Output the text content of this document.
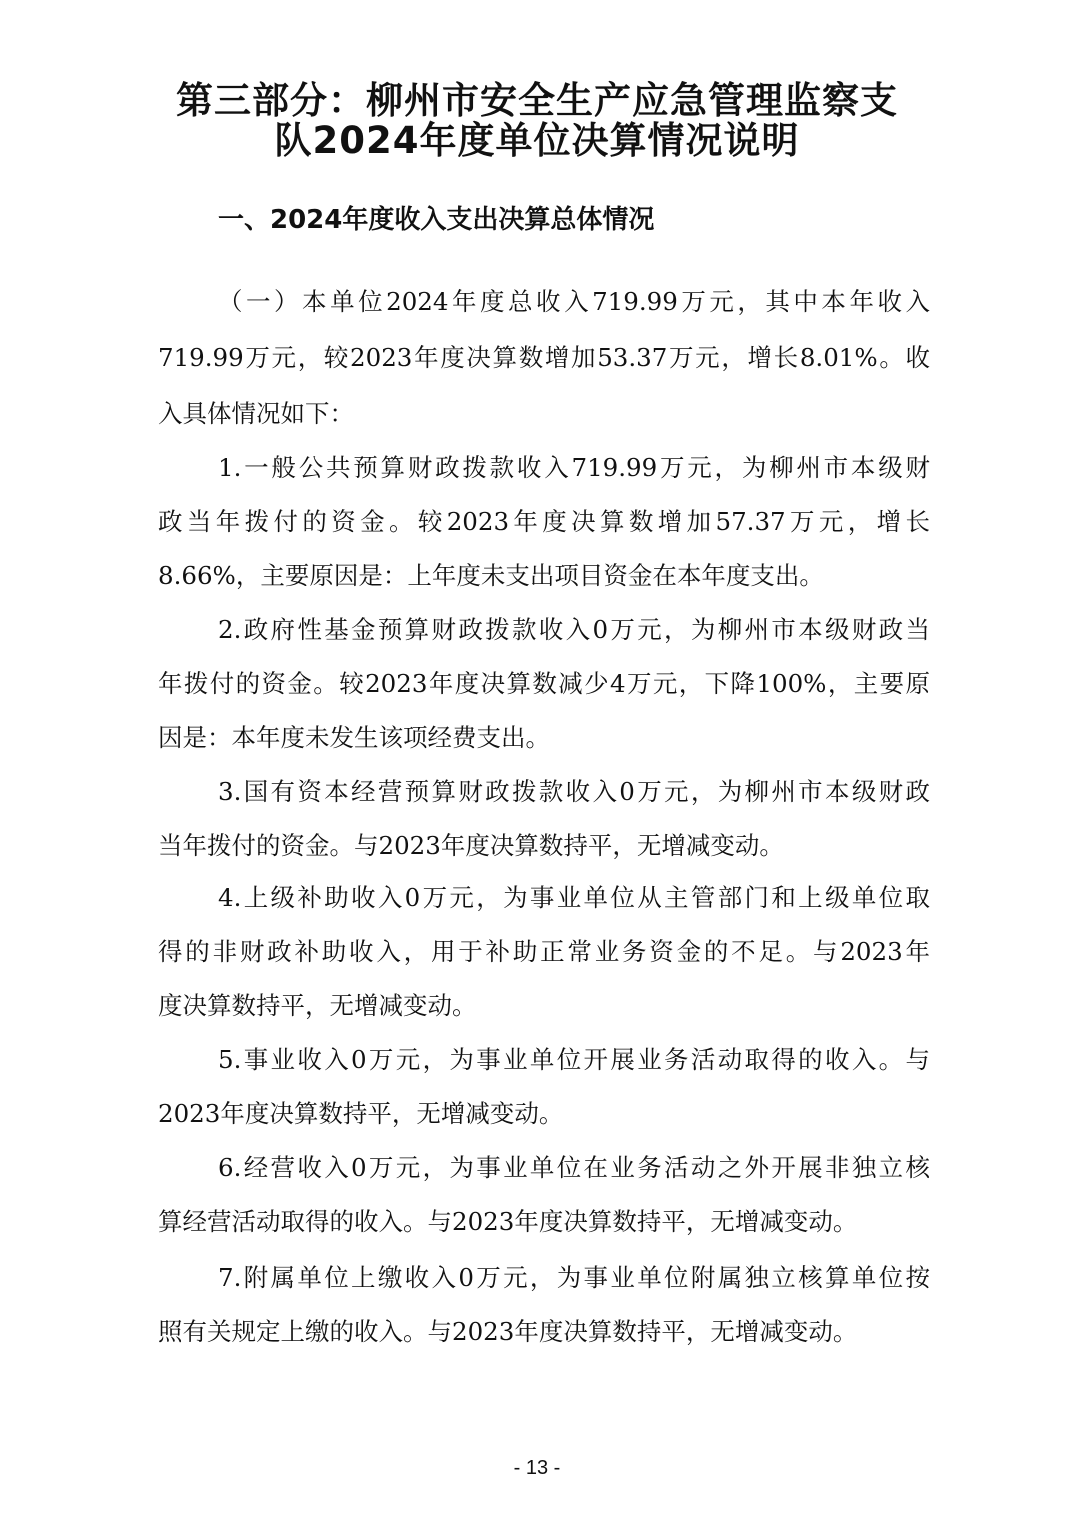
第三部分：柳州市安全生产应急管理监察支
队2024年度单位决算情况说明
一、2024年度收入支出决算总体情况
（一）本单位2024年度总收入719.99万元，其中本年收入
719.99万元，较2023年度决算数增加53.37万元，增长8.01%。收
入具体情况如下：
1.一般公共预算财政拨款收入719.99万元，为柳州市本级财
政当年拨付的资金。较2023年度决算数增加57.37万元，增长
8.66%，主要原因是：上年度未支出项目资金在本年度支出。
2.政府性基金预算财政拨款收入0万元，为柳州市本级财政当
年拨付的资金。较2023年度决算数减少4万元，下降100%，主要原
因是：本年度未发生该项经费支出。
3.国有资本经营预算财政拨款收入0万元，为柳州市本级财政
当年拨付的资金。与2023年度决算数持平，无增减变动。
4.上级补助收入0万元，为事业单位从主管部门和上级单位取
得的非财政补助收入，用于补助正常业务资金的不足。与2023年
度决算数持平，无增减变动。
5.事业收入0万元，为事业单位开展业务活动取得的收入。与
2023年度决算数持平，无增减变动。
6.经营收入0万元，为事业单位在业务活动之外开展非独立核
算经营活动取得的收入。与2023年度决算数持平，无增减变动。
7.附属单位上缴收入0万元，为事业单位附属独立核算单位按
照有关规定上缴的收入。与2023年度决算数持平，无增减变动。
- 13 -
